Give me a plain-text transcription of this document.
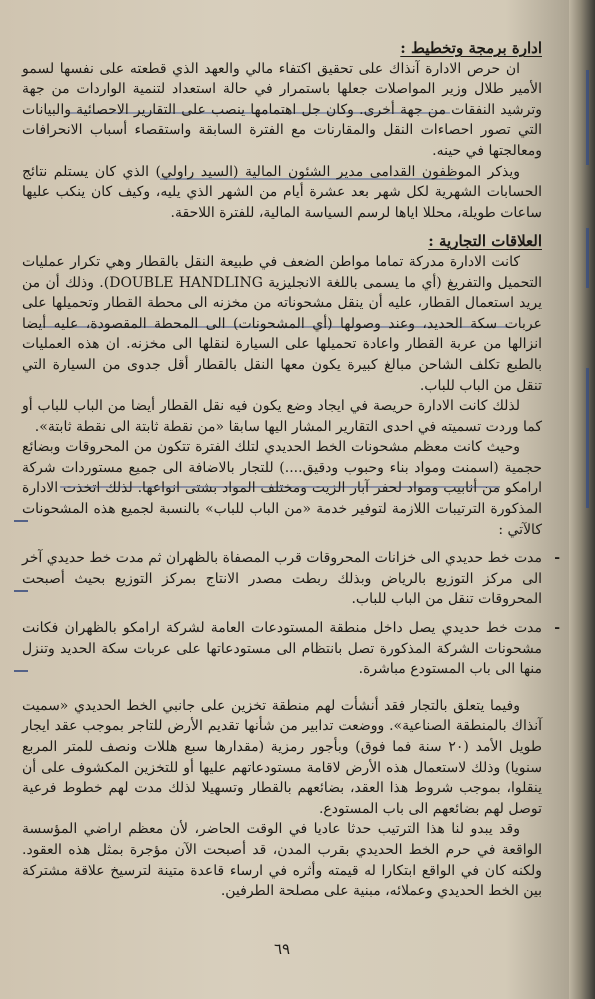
ادارة برمجة وتخطيط :

ان حرص الادارة آنذاك على تحقيق اكتفاء مالي والعهد الذي قطعته على نفسها لسمو الأمير طلال وزير المواصلات جعلها باستمرار في حالة استعداد لتنمية الواردات من جهة وترشيد النفقات من جهة أخرى. وكان جل اهتمامها ينصب على التقارير الاحصائية والبيانات التي تصور احصاءات النقل والمقارنات مع الفترة السابقة واستقصاء أسباب الانحرافات ومعالجتها في حينه.

ويذكر الموظفون القدامى مدير الشئون المالية (السيد راولي) الذي كان يستلم نتائج الحسابات الشهرية لكل شهر بعد عشرة أيام من الشهر الذي يليه، وكيف كان ينكب عليها ساعات طويلة، محللا اياها لرسم السياسة المالية، للفترة اللاحقة.

العلاقات التجارية :

كانت الادارة مدركة تماما مواطن الضعف في طبيعة النقل بالقطار وهي تكرار عمليات التحميل والتفريغ (أي ما يسمى باللغة الانجليزية DOUBLE HANDLING). وذلك أن من يريد استعمال القطار، عليه أن ينقل مشحوناته من مخزنه الى محطة القطار وتحميلها على عربات سكة الحديد، وعند وصولها (أي المشحونات) الى المحطة المقصودة، عليه أيضا انزالها من عربة القطار واعادة تحميلها على السيارة لنقلها الى مخزنه. ان هذه العمليات بالطبع تكلف الشاحن مبالغ كبيرة يكون معها النقل بالقطار أقل جدوى من السيارة التي تنقل من الباب للباب.

لذلك كانت الادارة حريصة في ايجاد وضع يكون فيه نقل القطار أيضا من الباب للباب أو كما وردت تسميته في احدى التقارير المشار اليها سابقا «من نقطة ثابتة الى نقطة ثابتة».

وحيث كانت معظم مشحونات الخط الحديدي لتلك الفترة تتكون من المحروقات وبضائع حجمية (اسمنت ومواد بناء وحبوب ودقيق....) للتجار بالاضافة الى جميع مستوردات شركة ارامكو من أنابيب ومواد لحفر آبار الزيت ومختلف المواد بشتى انواعها. لذلك اتخذت الادارة المذكورة الترتيبات اللازمة لتوفير خدمة «من الباب للباب» بالنسبة لجميع هذه المشحونات كالآتي :

-
مدت خط حديدي الى خزانات المحروقات قرب المصفاة بالظهران ثم مدت خط حديدي آخر الى مركز التوزيع بالرياض وبذلك ربطت مصدر الانتاج بمركز التوزيع بحيث أصبحت المحروقات تنقل من الباب للباب.

-
مدت خط حديدي يصل داخل منطقة المستودعات العامة لشركة ارامكو بالظهران فكانت مشحونات الشركة المذكورة تصل بانتظام الى مستودعاتها على عربات سكة الحديد وتنزل منها الى باب المستودع مباشرة.

وفيما يتعلق بالتجار فقد أنشأت لهم منطقة تخزين على جانبي الخط الحديدي «سميت آنذاك بالمنطقة الصناعية». ووضعت تدابير من شأنها تقديم الأرض للتاجر بموجب عقد ايجار طويل الأمد (٢٠ سنة فما فوق) وبأجور رمزية (مقدارها سبع هللات ونصف للمتر المربع سنويا) وذلك لاستعمال هذه الأرض لاقامة مستودعاتهم عليها أو للتخزين المكشوف على أن ينقلوا، بموجب شروط هذا العقد، بضائعهم بالقطار وتسهيلا لذلك مدت لهم خطوط فرعية توصل لهم بضائعهم الى باب المستودع.

وقد يبدو لنا هذا الترتيب حدثا عاديا في الوقت الحاضر، لأن معظم اراضي المؤسسة الواقعة في حرم الخط الحديدي بقرب المدن، قد أصبحت الآن مؤجرة بمثل هذه العقود. ولكنه كان في الواقع ابتكارا له قيمته وأثره في ارساء قاعدة متينة لترسيخ علاقة مشتركة بين الخط الحديدي وعملائه، مبنية على مصلحة الطرفين.

٦٩
